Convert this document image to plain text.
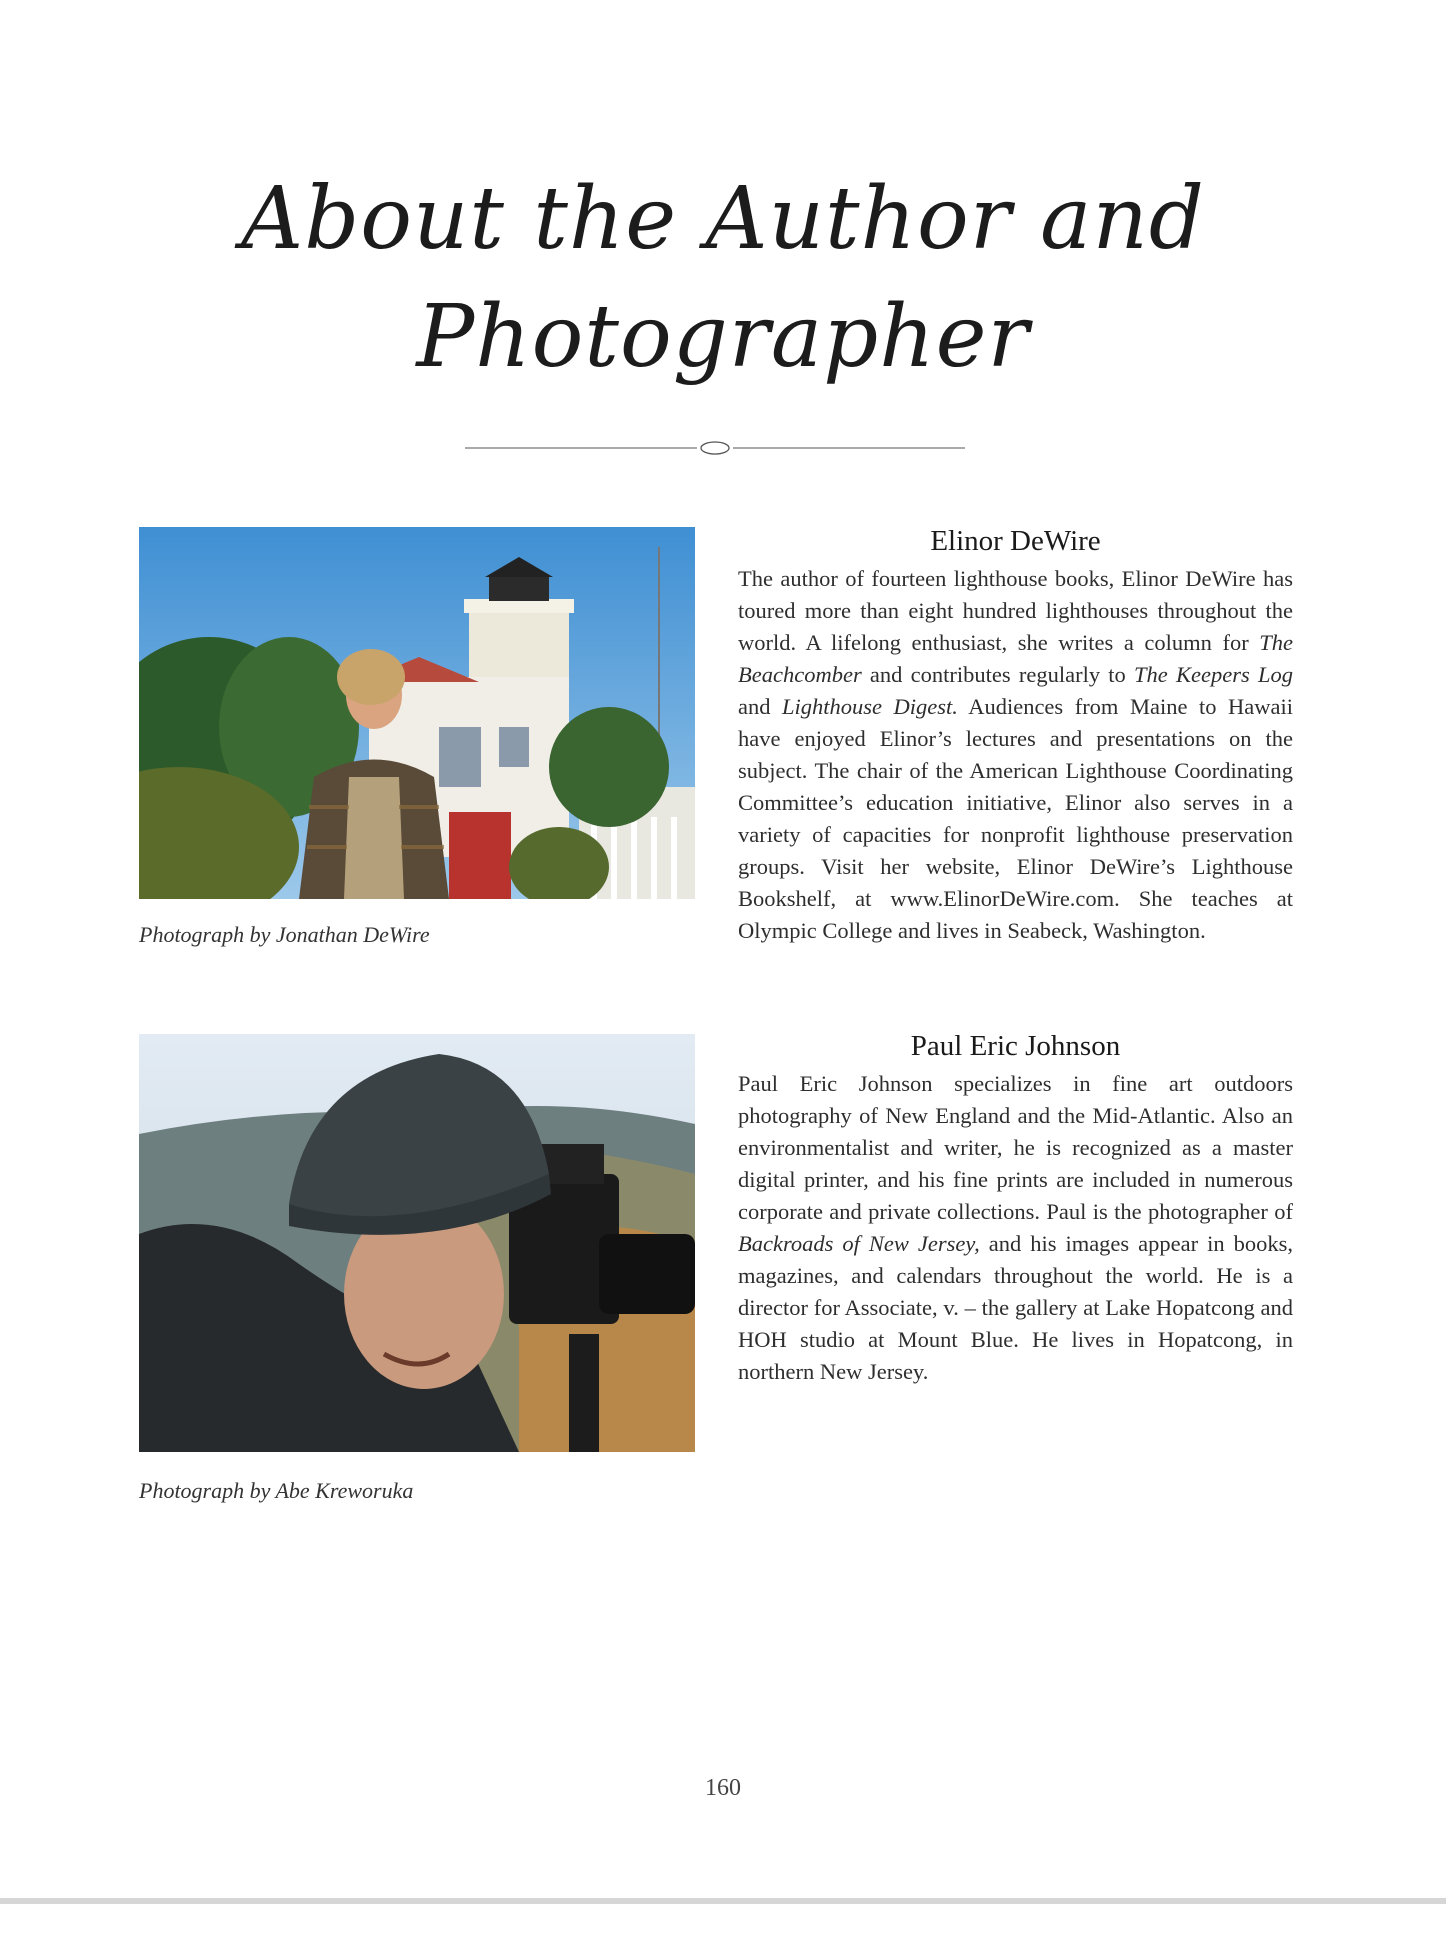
About the Author and
Photographer
Photograph by Jonathan DeWire
Elinor DeWire

The author of fourteen lighthouse books, Elinor DeWire has toured more than eight hundred lighthouses throughout the world. A lifelong enthusiast, she writes a column for The Beachcomber and contributes regularly to The Keepers Log and Lighthouse Digest. Audiences from Maine to Hawaii have enjoyed Elinor’s lectures and presentations on the subject. The chair of the American Lighthouse Coordinating Committee’s education initiative, Elinor also serves in a variety of capacities for nonprofit lighthouse preservation groups. Visit her website, Elinor DeWire’s Lighthouse Bookshelf, at www.ElinorDeWire.com. She teaches at Olympic College and lives in Seabeck, Washington.

Photograph by Abe Kreworuka
Paul Eric Johnson

Paul Eric Johnson specializes in fine art outdoors photography of New England and the Mid-Atlantic. Also an environmentalist and writer, he is recognized as a master digital printer, and his fine prints are included in numerous corporate and private collections. Paul is the photographer of Backroads of New Jersey, and his images appear in books, magazines, and calendars throughout the world. He is a director for Associate, v. – the gallery at Lake Hopatcong and HOH studio at Mount Blue. He lives in Hopatcong, in northern New Jersey.

160
